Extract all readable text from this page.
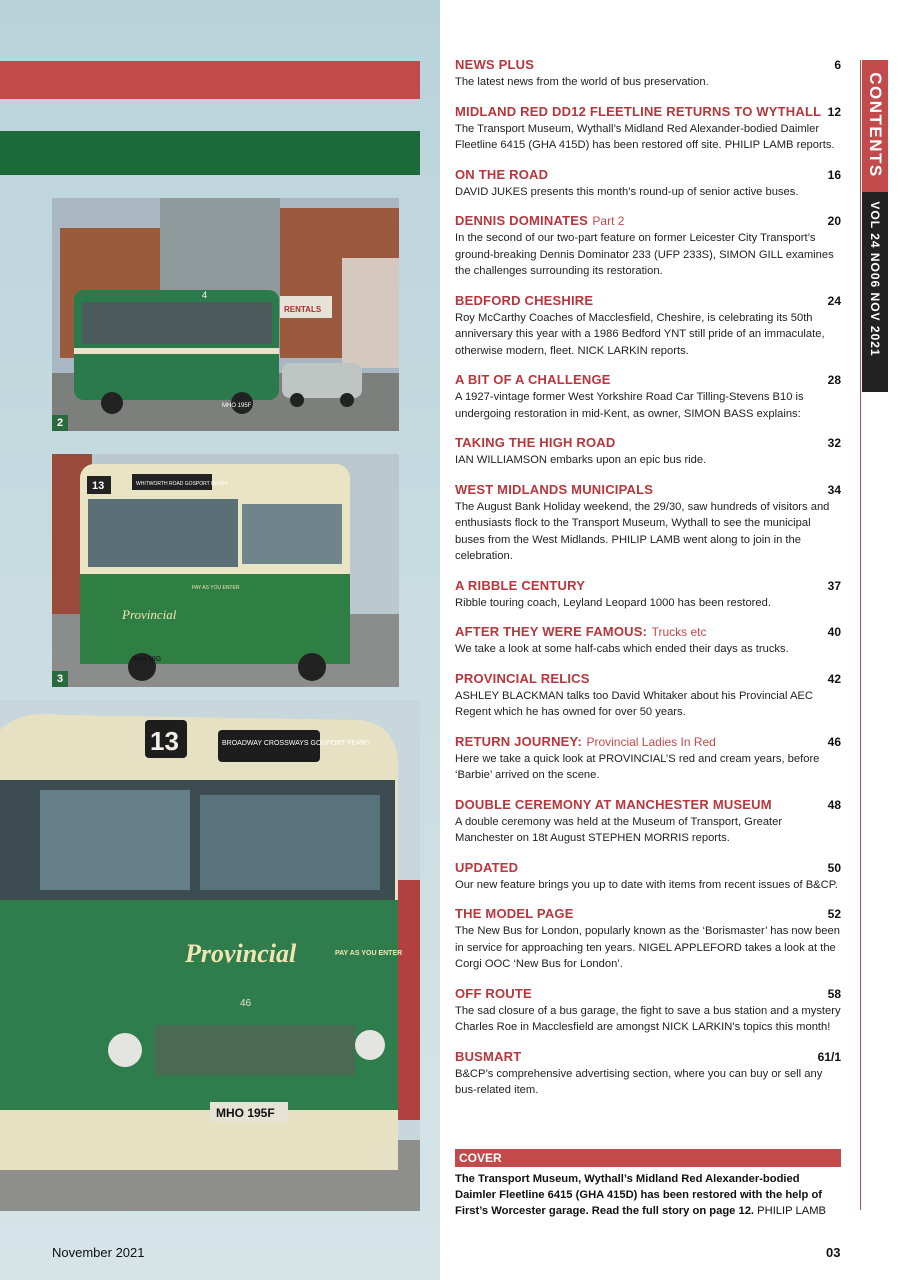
4
RENTALS
MHO 195F
2
13	WHITWORTH ROAD GOSPORT FERRY
Provincial
PAY AS YOU ENTER
RAA 19G
3
13	BROADWAY CROSSWAYS GOSPORT FERRY
Provincial	PAY AS YOU ENTER
46
MHO 195F
NEWS PLUS	6
The latest news from the world of bus preservation.
MIDLAND RED DD12 FLEETLINE RETURNS TO WYTHALL 12
The Transport Museum, Wythall’s Midland Red Alexander-bodied Daimler Fleetline 6415 (GHA 415D) has been restored off site. PHILIP LAMB reports.
ON THE ROAD	16
DAVID JUKES presents this month’s round-up of senior active buses.
DENNIS DOMINATES Part 2	20
In the second of our two-part feature on former Leicester City Transport’s ground-breaking Dennis Dominator 233 (UFP 233S), SIMON GILL examines the challenges surrounding its restoration.
BEDFORD CHESHIRE	24
Roy McCarthy Coaches of Macclesfield, Cheshire, is celebrating its 50th anniversary this year with a 1986 Bedford YNT still pride of an immaculate, otherwise modern, fleet. NICK LARKIN reports.
A BIT OF A CHALLENGE	28
A 1927-vintage former West Yorkshire Road Car Tilling-Stevens B10 is undergoing restoration in mid-Kent, as owner, SIMON BASS explains:
TAKING THE HIGH ROAD	32
IAN WILLIAMSON embarks upon an epic bus ride.
WEST MIDLANDS MUNICIPALS	34
The August Bank Holiday weekend, the 29/30, saw hundreds of visitors and enthusiasts flock to the Transport Museum, Wythall to see the municipal buses from the West Midlands. PHILIP LAMB went along to join in the celebration.
A RIBBLE CENTURY	37
Ribble touring coach, Leyland Leopard 1000 has been restored.
AFTER THEY WERE FAMOUS: Trucks etc	40
We take a look at some half-cabs which ended their days as trucks.
PROVINCIAL RELICS	42
ASHLEY BLACKMAN talks too David Whitaker about his Provincial AEC Regent which he has owned for over 50 years.
RETURN JOURNEY: Provincial Ladies In Red	46
Here we take a quick look at PROVINCIAL’S red and cream years, before ‘Barbie’ arrived on the scene.
DOUBLE CEREMONY AT MANCHESTER MUSEUM	48
A double ceremony was held at the Museum of Transport, Greater Manchester on 18t August STEPHEN MORRIS reports.
UPDATED	50
Our new feature brings you up to date with items from recent issues of B&CP.
THE MODEL PAGE	52
The New Bus for London, popularly known as the ‘Borismaster’ has now been in service for approaching ten years. NIGEL APPLEFORD takes a look at the Corgi OOC ‘New Bus for London’.
OFF ROUTE	58
The sad closure of a bus garage, the fight to save a bus station and a mystery Charles Roe in Macclesfield are amongst NICK LARKIN’s topics this month!
BUSMART	61/1
B&CP’s comprehensive advertising section, where you can buy or sell any bus-related item.
COVER
The Transport Museum, Wythall’s Midland Red Alexander-bodied Daimler Fleetline 6415 (GHA 415D) has been restored with the help of First’s Worcester garage. Read the full story on page 12. PHILIP LAMB
CONTENTS
VOL 24 NO06 NOV 2021
November 2021	03
